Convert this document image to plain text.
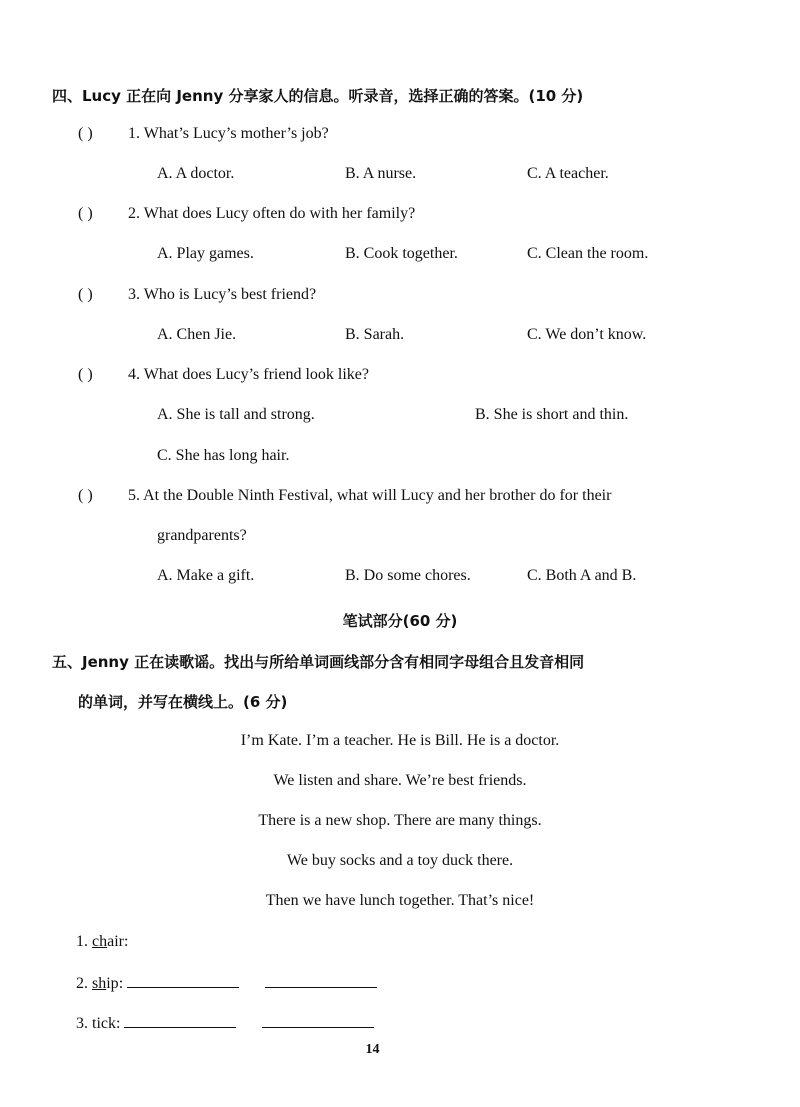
四、Lucy 正在向 Jenny 分享家人的信息。听录音，选择正确的答案。(10 分)
( ) 1. What’s Lucy’s mother’s job?
A. A doctor.	B. A nurse.	C. A teacher.
( ) 2. What does Lucy often do with her family?
A. Play games.	B. Cook together.	C. Clean the room.
( ) 3. Who is Lucy’s best friend?
A. Chen Jie.	B. Sarah.	C. We don’t know.
( ) 4. What does Lucy’s friend look like?
A. She is tall and strong.	B. She is short and thin.
C. She has long hair.
( ) 5. At the Double Ninth Festival, what will Lucy and her brother do for their
grandparents?
A. Make a gift.	B. Do some chores.	C. Both A and B.
笔试部分(60 分)
五、Jenny 正在读歌谣。找出与所给单词画线部分含有相同字母组合且发音相同
的单词，并写在横线上。(6 分)
I’m Kate. I’m a teacher. He is Bill. He is a doctor.
We listen and share. We’re best friends.
There is a new shop. There are many things.
We buy socks and a toy duck there.
Then we have lunch together. That’s nice!
1. chair:
2. ship:
3. tick:
14
